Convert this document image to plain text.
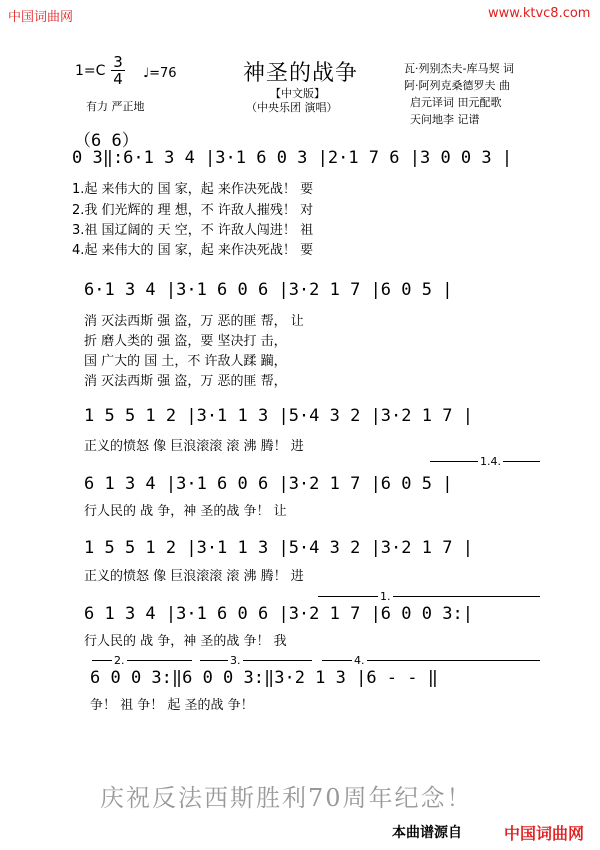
中国词曲网	www.ktvc8.com
神圣的战争
【中文版】
（中央乐团 演唱）
$1=C \frac{3}{4}$ ♩=76
有力 严正地
瓦·列别杰夫-库马契 词
阿·阿列克桑德罗夫 曲
启元译词 田元配歌
天问地李 记谱
（6 6）
0 3‖:6·1 3 4 |3·1 6 0 3 |2·1 7 6 |3 0 0 3 |
1.起 来伟大的 国 家，起 来作决死战！ 要
2.我 们光辉的 理 想，不 许敌人摧残！ 对
3.祖 国辽阔的 天 空，不 许敌人闯进！ 祖
4.起 来伟大的 国 家，起 来作决死战！ 要
6·1 3 4 |3·1 6 0 6 |3·2 1 7 |6 0 5 |
消 灭法西斯 强 盗，万 恶的匪 帮， 让
折 磨人类的 强 盗，要 坚决打 击，
国 广大的 国 土，不 许敌人蹂 躏，
消 灭法西斯 强 盗，万 恶的匪 帮，
1 5 5 1 2 |3·1 1 3 |5·4 3 2 |3·2 1 7 |
正义的愤怒 像 巨浪滚滚 滚 沸 腾！ 进
1.4.
6 1 3 4 |3·1 6 0 6 |3·2 1 7 |6 0 5 |
行人民的 战 争，神 圣的战 争！ 让
1 5 5 1 2 |3·1 1 3 |5·4 3 2 |3·2 1 7 |
正义的愤怒 像 巨浪滚滚 滚 沸 腾！ 进
1.
6 1 3 4 |3·1 6 0 6 |3·2 1 7 |6 0 0 3:|
行人民的 战 争，神 圣的战 争！ 我
2.	3.	4.
6 0 0 3:‖6 0 0 3:‖3·2 1 3 |6 - - ‖
争！ 祖 争！ 起 圣的战 争！
庆祝反法西斯胜利70周年纪念！
本曲谱源自	中国词曲网
